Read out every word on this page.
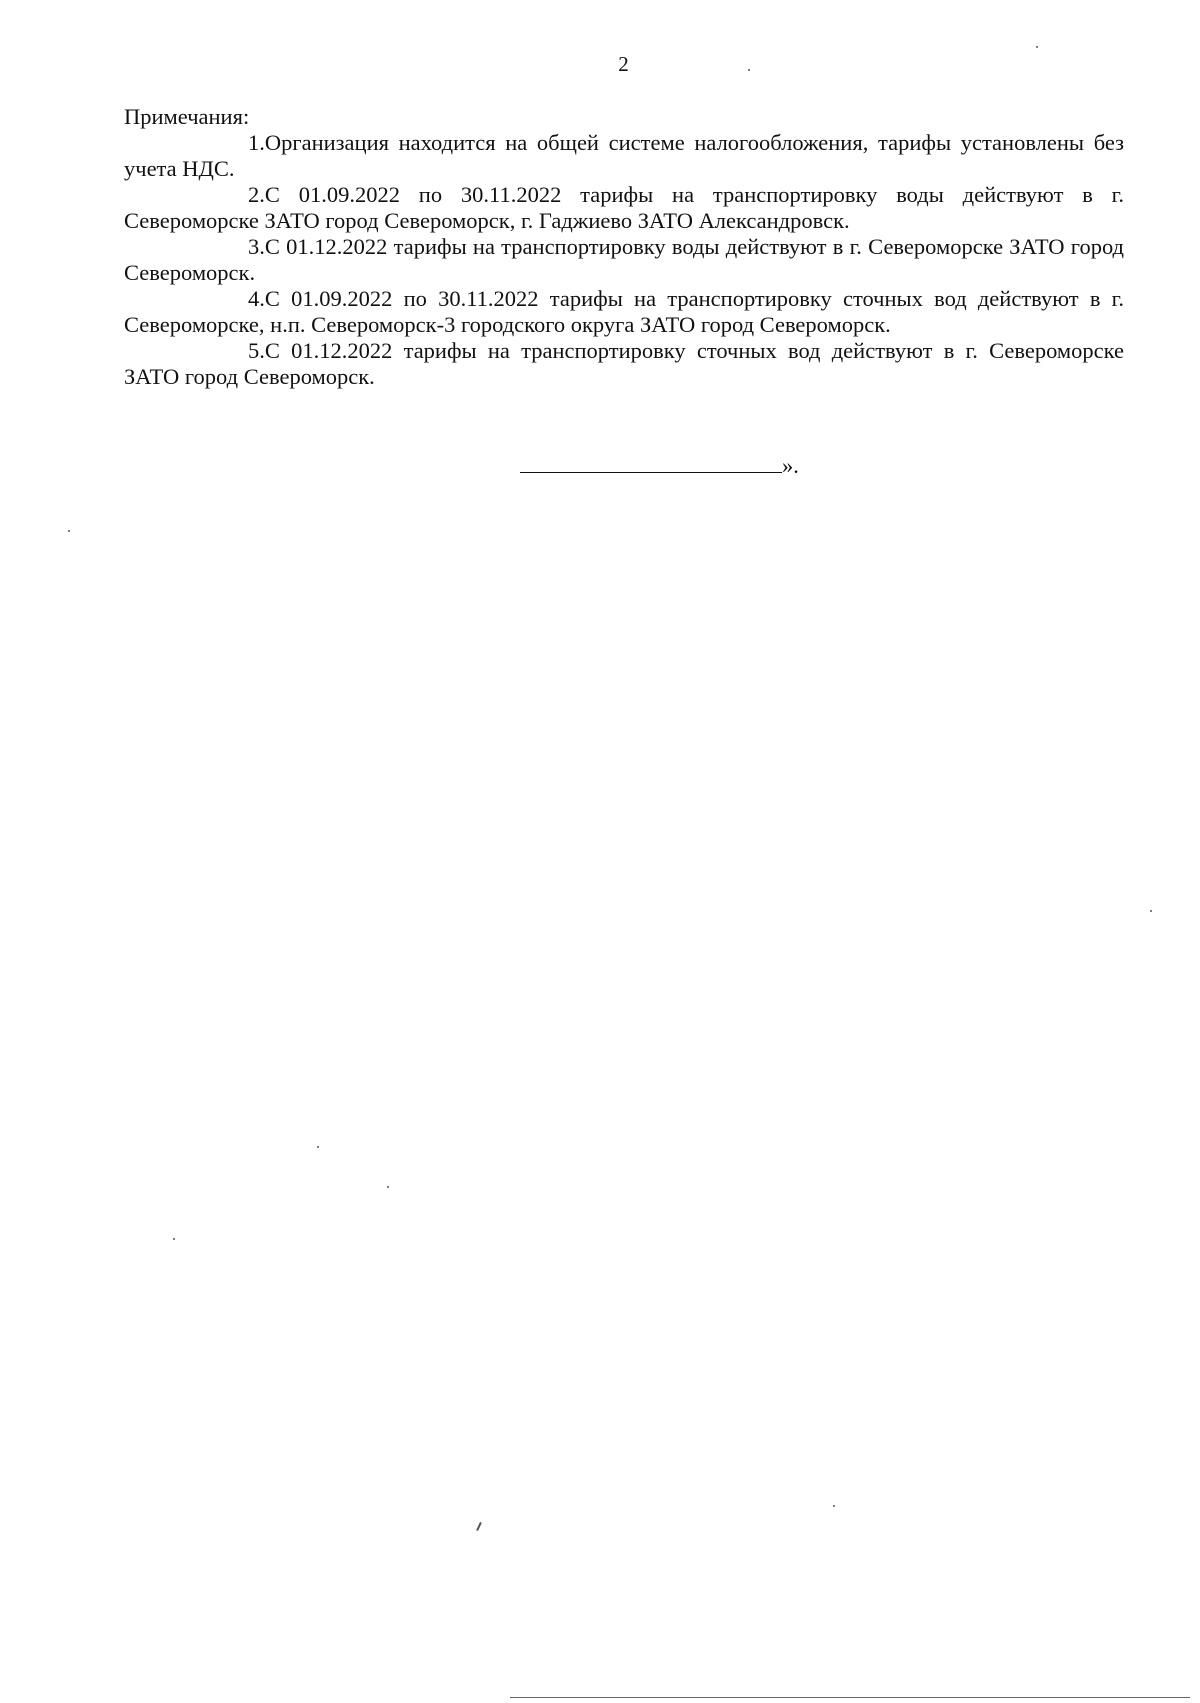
2

Примечания:

1.Организация находится на общей системе налогообложения, тарифы установлены без учета НДС.

2.С 01.09.2022 по 30.11.2022 тарифы на транспортировку воды действуют в г. Североморске ЗАТО город Североморск, г. Гаджиево ЗАТО Александровск.

3.С 01.12.2022 тарифы на транспортировку воды действуют в г. Североморске ЗАТО город Североморск.

4.С 01.09.2022 по 30.11.2022 тарифы на транспортировку сточных вод действуют в г. Североморске, н.п. Североморск-3 городского округа ЗАТО город Североморск.

5.С 01.12.2022 тарифы на транспортировку сточных вод действуют в г. Североморске ЗАТО город Североморск.

».
